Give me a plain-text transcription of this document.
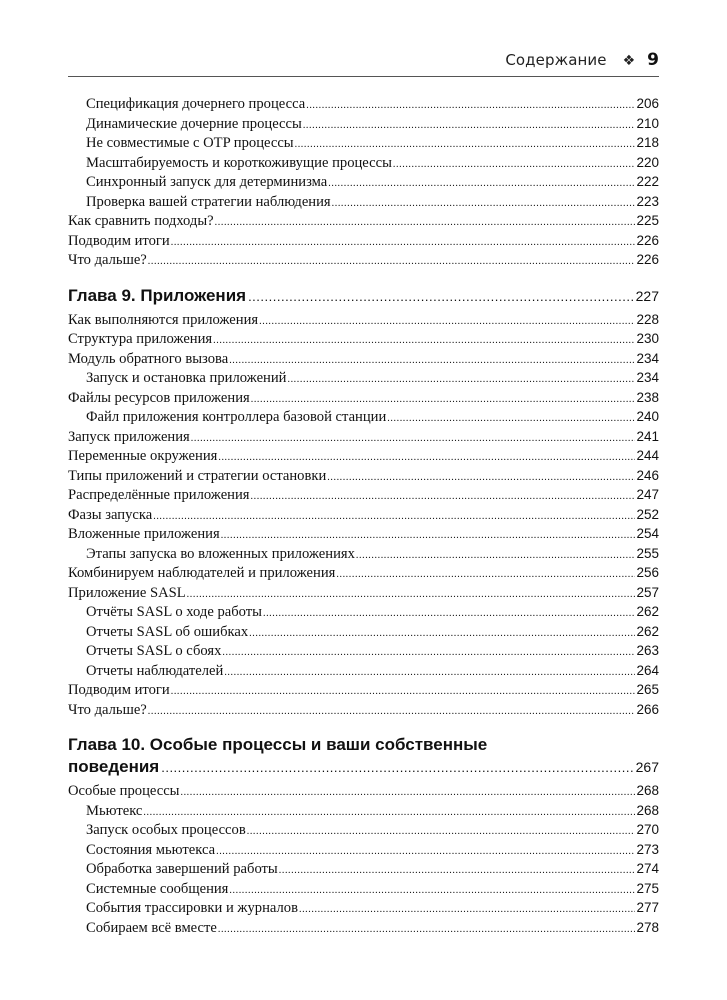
Содержание ❖ 9
Спецификация дочернего процесса .....	206
Динамические дочерние процессы .....	210
Не совместимые с OTP процессы .....	218
Масштабируемость и короткоживущие процессы .....	220
Синхронный запуск для детерминизма .....	222
Проверка вашей стратегии наблюдения .....	223
Как сравнить подходы? .....	225
Подводим итоги .....	226
Что дальше? .....	226
Глава 9. Приложения .....	227
Как выполняются приложения .....	228
Структура приложения .....	230
Модуль обратного вызова .....	234
Запуск и остановка приложений .....	234
Файлы ресурсов приложения .....	238
Файл приложения контроллера базовой станции .....	240
Запуск приложения .....	241
Переменные окружения .....	244
Типы приложений и стратегии остановки .....	246
Распределённые приложения .....	247
Фазы запуска .....	252
Вложенные приложения .....	254
Этапы запуска во вложенных приложениях .....	255
Комбинируем наблюдателей и приложения .....	256
Приложение SASL .....	257
Отчёты SASL о ходе работы .....	262
Отчеты SASL об ошибках .....	262
Отчеты SASL о сбоях .....	263
Отчеты наблюдателей .....	264
Подводим итоги .....	265
Что дальше? .....	266
Глава 10. Особые процессы и ваши собственные
поведения .....	267
Особые процессы .....	268
Мьютекс .....	268
Запуск особых процессов .....	270
Состояния мьютекса .....	273
Обработка завершений работы .....	274
Системные сообщения .....	275
События трассировки и журналов .....	277
Собираем всё вместе .....	278
